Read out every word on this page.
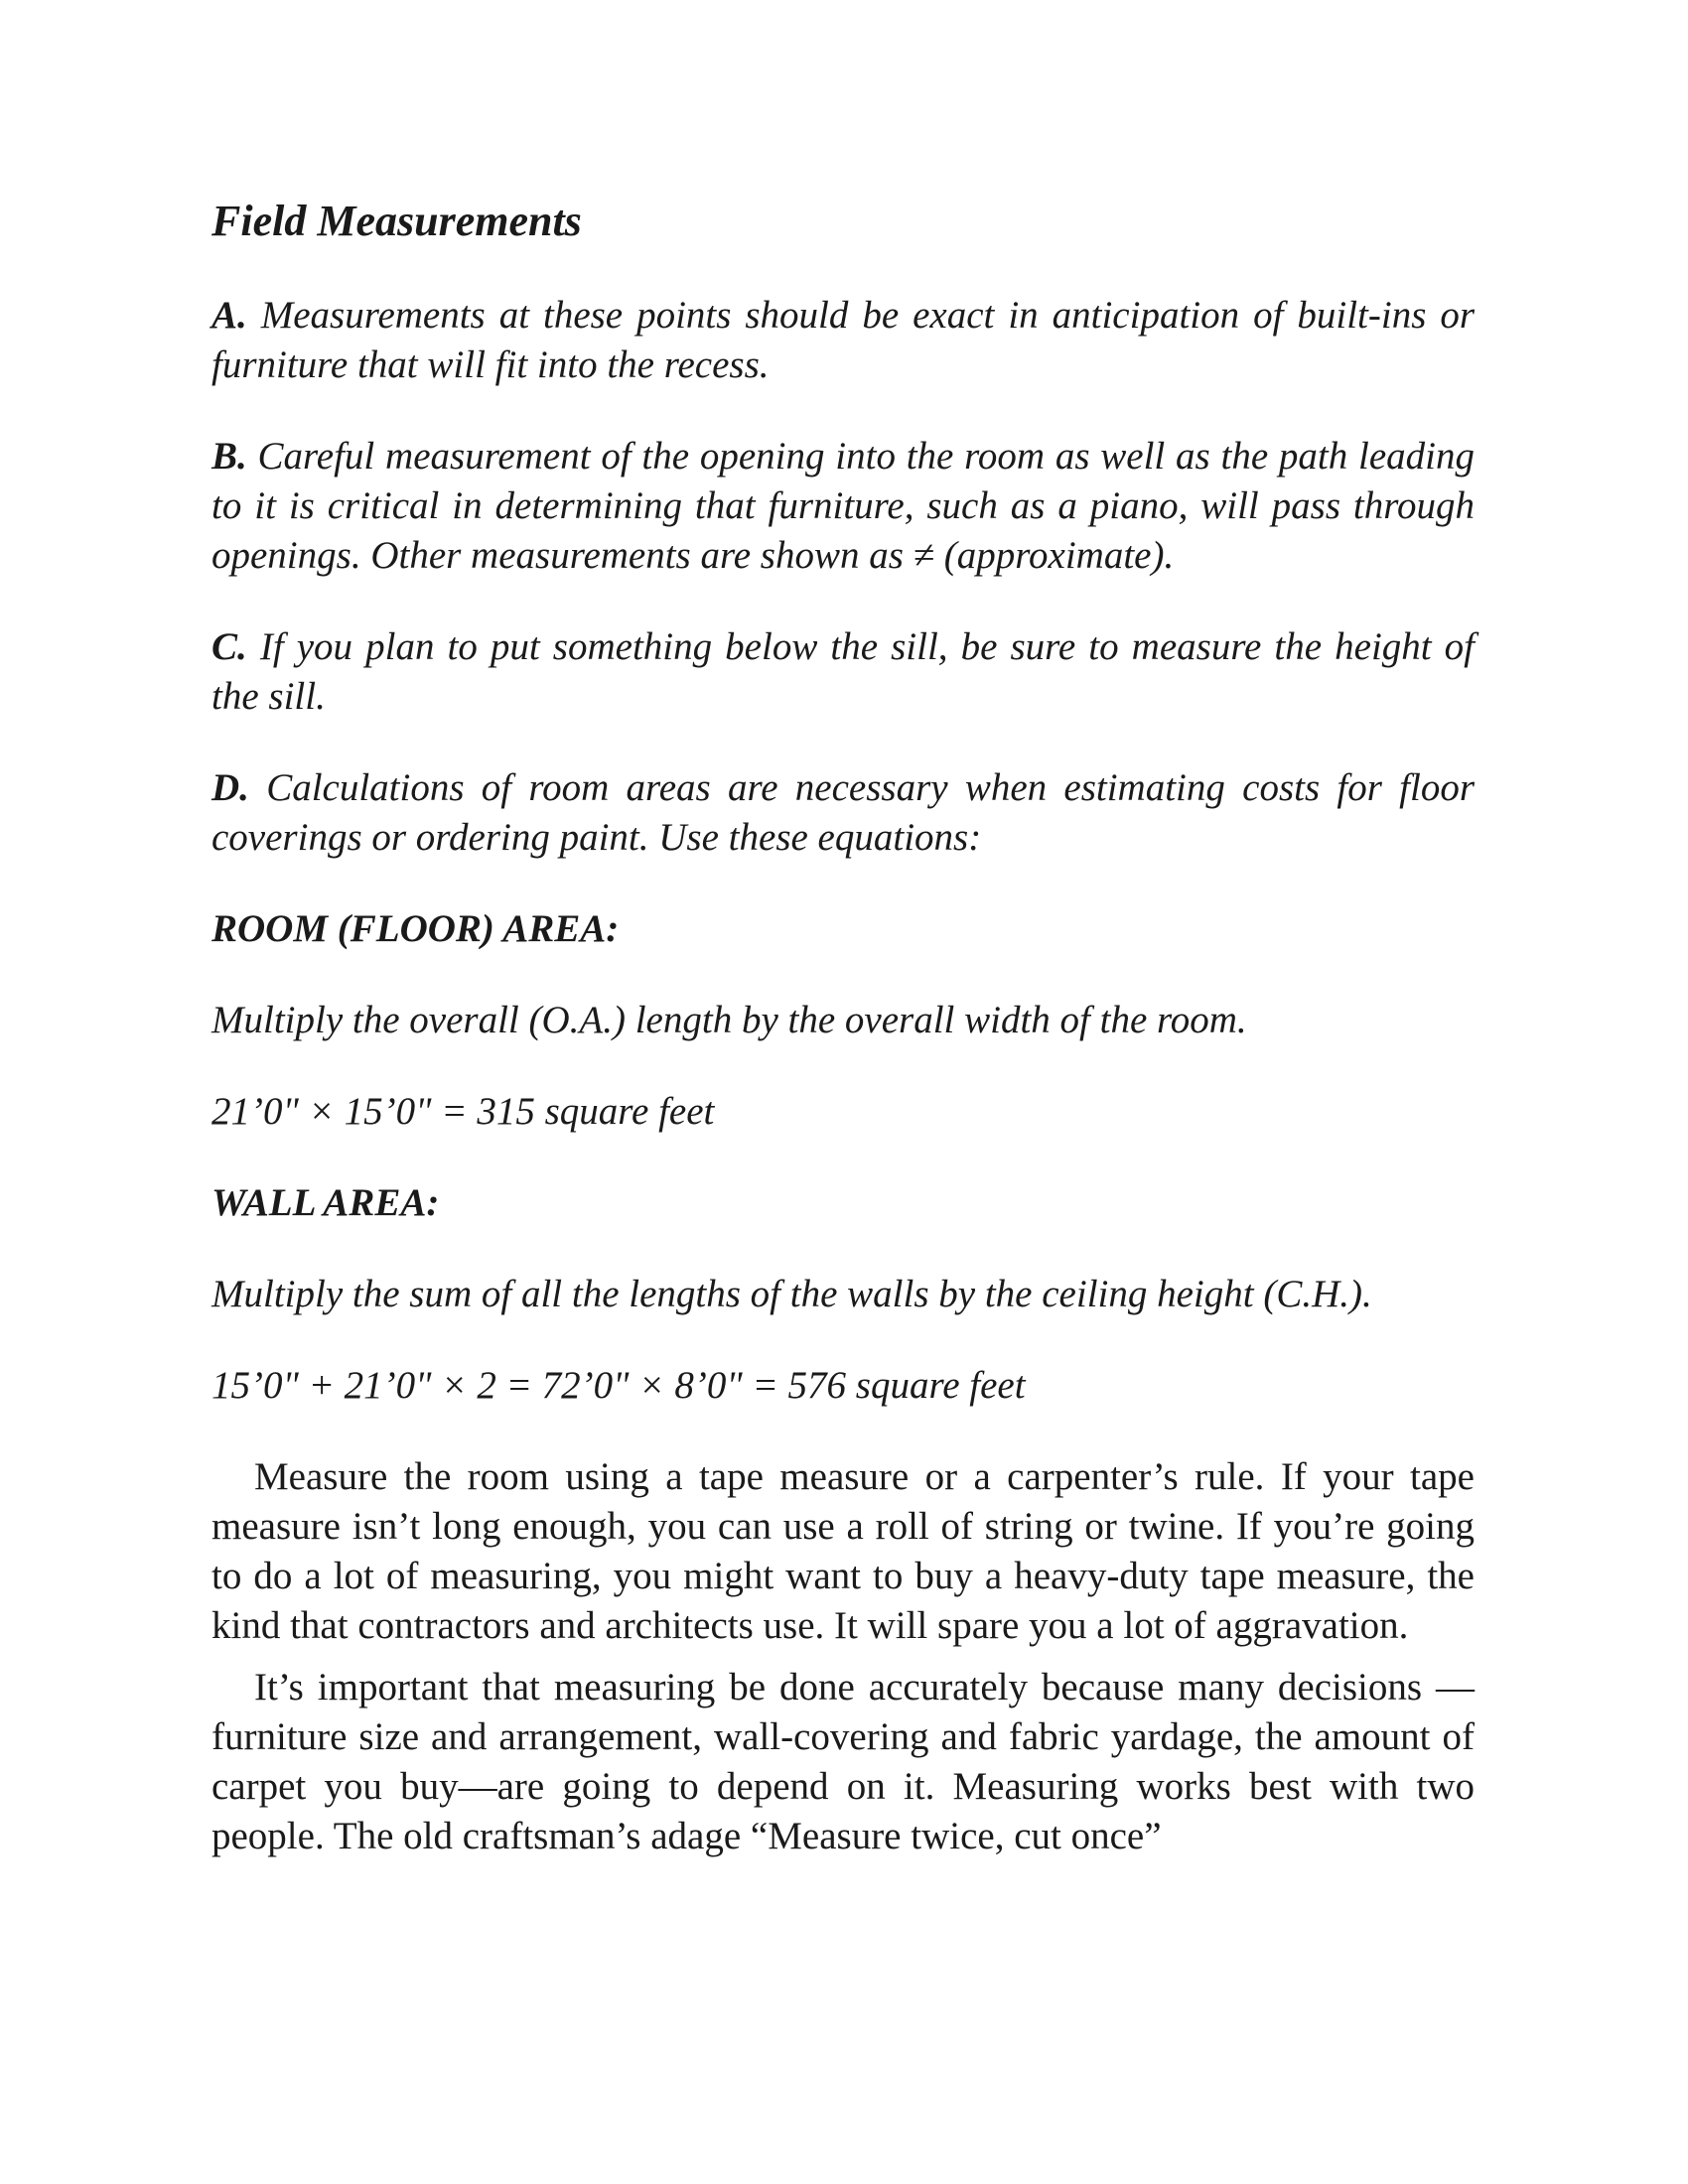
Field Measurements

A. Measurements at these points should be exact in anticipation of built-ins or furniture that will fit into the recess.

B. Careful measurement of the opening into the room as well as the path leading to it is critical in determining that furniture, such as a piano, will pass through openings. Other measurements are shown as ≠ (approximate).

C. If you plan to put something below the sill, be sure to measure the height of the sill.

D. Calculations of room areas are necessary when estimating costs for floor coverings or ordering paint. Use these equations:

ROOM (FLOOR) AREA:

Multiply the overall (O.A.) length by the overall width of the room.

21’0" × 15’0" = 315 square feet

WALL AREA:

Multiply the sum of all the lengths of the walls by the ceiling height (C.H.).

15’0" + 21’0" × 2 = 72’0" × 8’0" = 576 square feet

Measure the room using a tape measure or a carpenter’s rule. If your tape measure isn’t long enough, you can use a roll of string or twine. If you’re going to do a lot of measuring, you might want to buy a heavy-duty tape measure, the kind that contractors and architects use. It will spare you a lot of aggravation.

It’s important that measuring be done accurately because many decisions —furniture size and arrangement, wall-covering and fabric yardage, the amount of carpet you buy—are going to depend on it. Measuring works best with two people. The old craftsman’s adage “Measure twice, cut once”
